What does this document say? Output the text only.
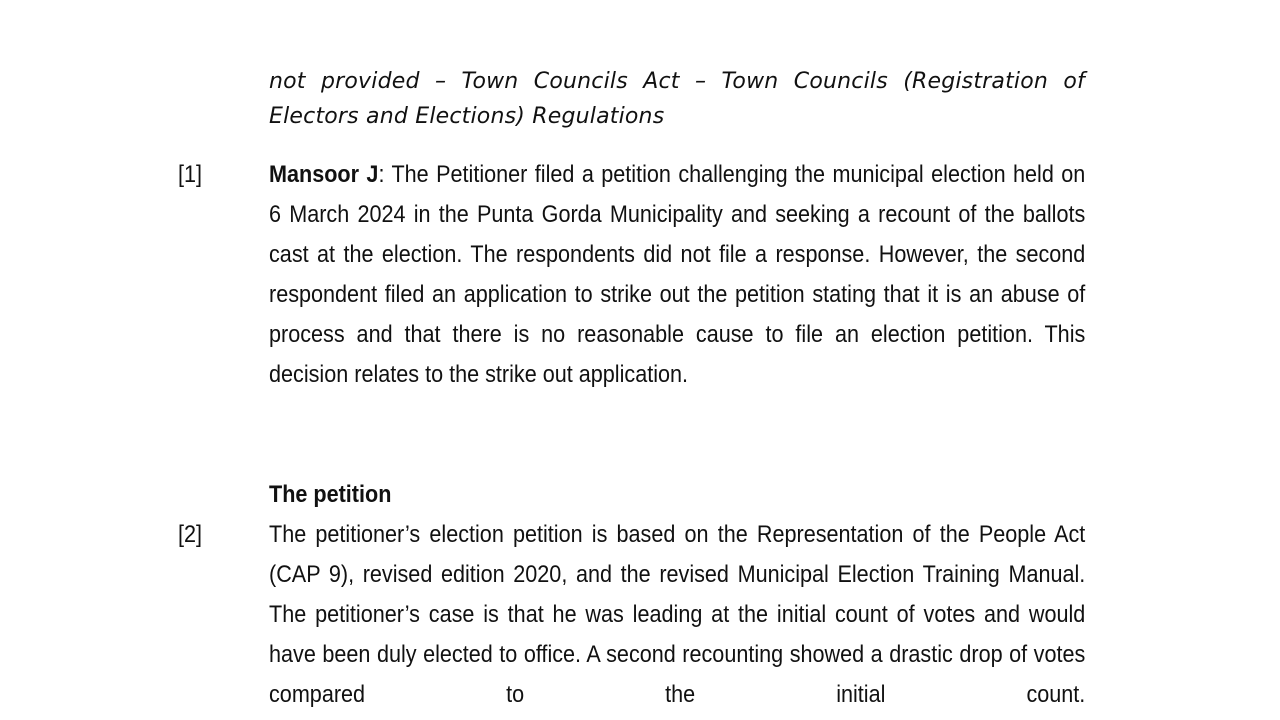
not provided – Town Councils Act – Town Councils (Registration of Electors and Elections) Regulations
[1]	Mansoor J: The Petitioner filed a petition challenging the municipal election held on 6 March 2024 in the Punta Gorda Municipality and seeking a recount of the ballots cast at the election. The respondents did not file a response. However, the second respondent filed an application to strike out the petition stating that it is an abuse of process and that there is no reasonable cause to file an election petition. This decision relates to the strike out application.
The petition
[2]	The petitioner’s election petition is based on the Representation of the People Act (CAP 9), revised edition 2020, and the revised Municipal Election Training Manual. The petitioner’s case is that he was leading at the initial count of votes and would have been duly elected to office. A second recounting showed a drastic drop of votes compared to the initial count.
